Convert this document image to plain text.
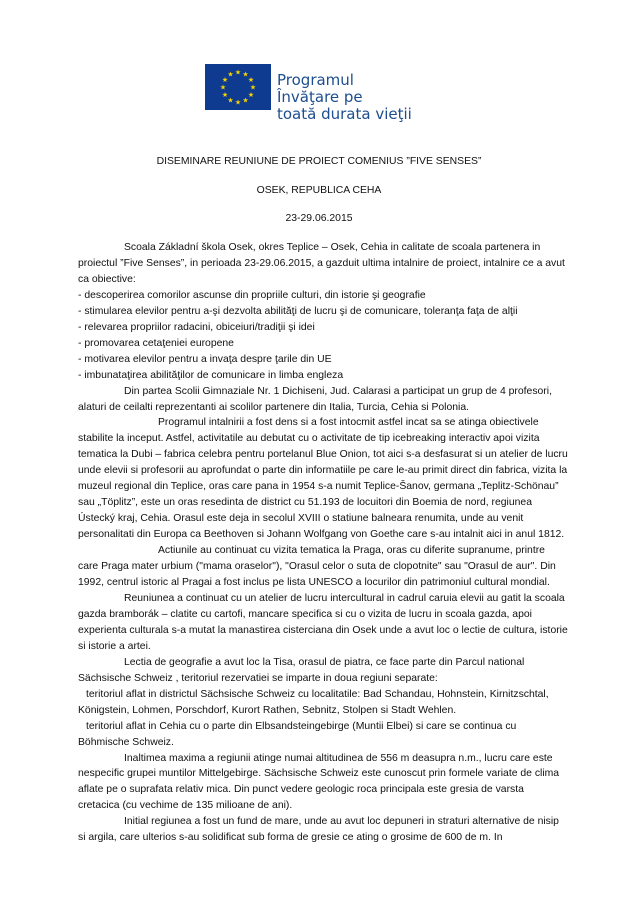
★ ★
★
★
★
★
★
★
★
★
★
★	Programul
Învăţare pe
toată durata vieţii
DISEMINARE REUNIUNE DE PROIECT COMENIUS ”FIVE SENSES”
OSEK, REPUBLICA CEHA
23-29.06.2015

Scoala Základní škola Osek, okres Teplice – Osek, Cehia in calitate de scoala partenera in proiectul ”Five Senses”, in perioada 23-29.06.2015, a gazduit ultima intalnire de proiect, intalnire ce a avut ca obiective:

- descoperirea comorilor ascunse din propriile culturi, din istorie şi geografie

- stimularea elevilor pentru a-şi dezvolta abilităţi de lucru şi de comunicare, toleranţa faţa de alţii

- relevarea propriilor radacini, obiceiuri/tradiţii şi idei

- promovarea cetaţeniei europene

- motivarea elevilor pentru a invaţa despre ţarile din UE

- imbunataţirea abilităţilor de comunicare in limba engleza

Din partea Scolii Gimnaziale Nr. 1 Dichiseni, Jud. Calarasi a participat un grup de 4 profesori, alaturi de ceilalti reprezentanti ai scolilor partenere din Italia, Turcia, Cehia si Polonia.

Programul intalnirii a fost dens si a fost intocmit astfel incat sa se atinga obiectivele stabilite la inceput. Astfel, activitatile au debutat cu o activitate de tip icebreaking interactiv apoi vizita tematica la Dubi – fabrica celebra pentru portelanul Blue Onion, tot aici s-a desfasurat si un atelier de lucru unde elevii si profesorii au aprofundat o parte din informatiile pe care le-au primit direct din fabrica, vizita la muzeul regional din Teplice, oras care pana in 1954 s-a numit Teplice-Šanov, germana „Teplitz-Schönau” sau „Töplitz”, este un oras resedinta de district cu 51.193 de locuitori din Boemia de nord, regiunea Ústecký kraj, Cehia. Orasul este deja in secolul XVIII o statiune balneara renumita, unde au venit personalitati din Europa ca Beethoven si Johann Wolfgang von Goethe care s-au intalnit aici in anul 1812.

Actiunile au continuat cu vizita tematica la Praga, oras cu diferite supranume, printre care Praga mater urbium ("mama oraselor"), "Orasul celor o suta de clopotnite" sau "Orasul de aur". Din 1992, centrul istoric al Pragai a fost inclus pe lista UNESCO a locurilor din patrimoniul cultural mondial.

Reuniunea a continuat cu un atelier de lucru intercultural in cadrul caruia elevii au gatit la scoala gazda bramborák – clatite cu cartofi, mancare specifica si cu o vizita de lucru in scoala gazda, apoi experienta culturala s-a mutat la manastirea cisterciana din Osek unde a avut loc o lectie de cultura, istorie si istorie a artei.

Lectia de geografie a avut loc la Tisa, orasul de piatra, ce face parte din Parcul national Sächsische Schweiz , teritoriul rezervatiei se imparte in doua regiuni separate:

teritoriul aflat in districtul Sächsische Schweiz cu localitatile: Bad Schandau, Hohnstein, Kirnitzschtal, Königstein, Lohmen, Porschdorf, Kurort Rathen, Sebnitz, Stolpen si Stadt Wehlen.

teritoriul aflat in Cehia cu o parte din Elbsandsteingebirge (Muntii Elbei) si care se continua cu Böhmische Schweiz.

Inaltimea maxima a regiunii atinge numai altitudinea de 556 m deasupra n.m., lucru care este nespecific grupei muntilor Mittelgebirge. Sächsische Schweiz este cunoscut prin formele variate de clima aflate pe o suprafata relativ mica. Din punct vedere geologic roca principala este gresia de varsta cretacica (cu vechime de 135 milioane de ani).

Initial regiunea a fost un fund de mare, unde au avut loc depuneri in straturi alternative de nisip si argila, care ulterios s-au solidificat sub forma de gresie ce ating o grosime de 600 de m. In
